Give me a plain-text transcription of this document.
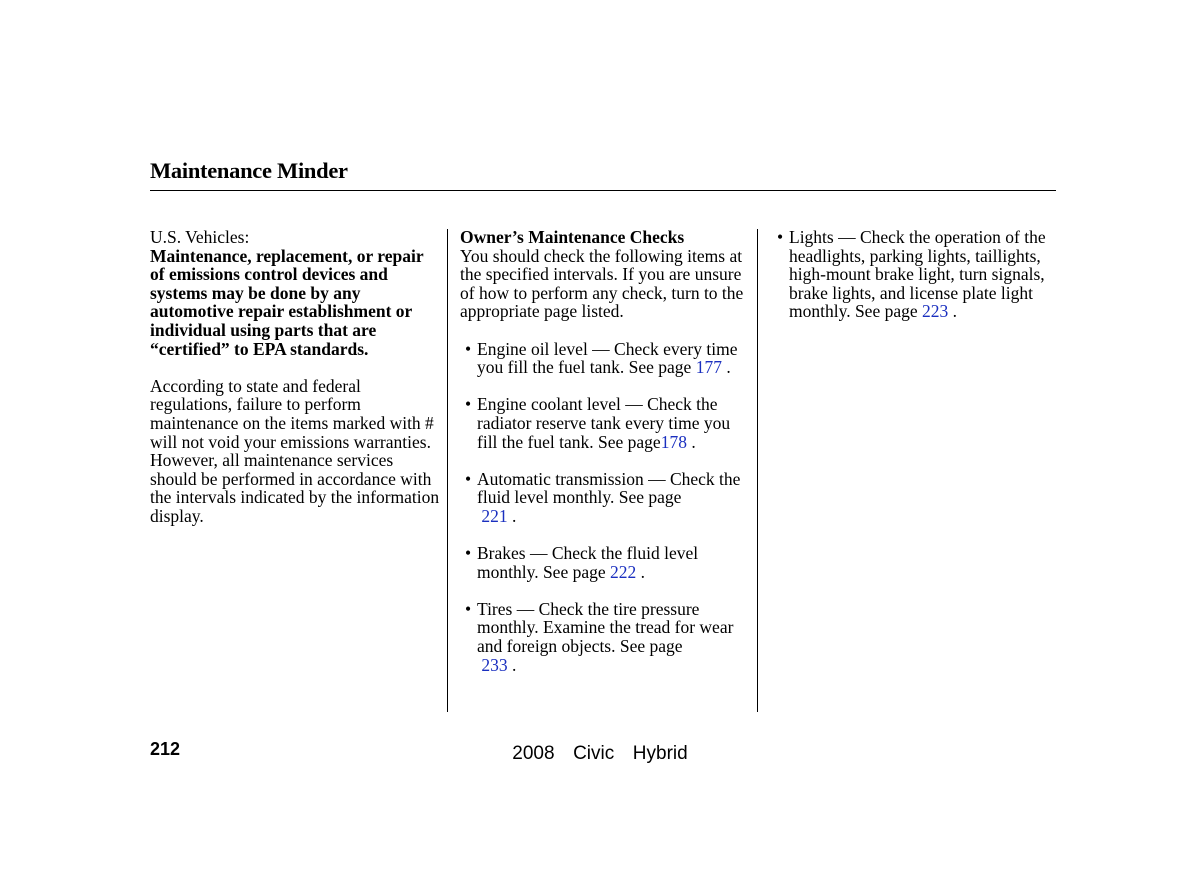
Maintenance Minder

U.S. Vehicles:

Maintenance, replacement, or repair of emissions control devices and systems may be done by any automotive repair establishment or individual using parts that are “certified” to EPA standards.

According to state and federal regulations, failure to perform maintenance on the items marked with # will not void your emissions warranties. However, all maintenance services should be performed in accordance with the intervals indicated by the information display.

Owner’s Maintenance Checks

You should check the following items at the specified intervals. If you are unsure of how to perform any check, turn to the appropriate page listed.

• Engine oil level — Check every time you fill the fuel tank. See page 177 .

• Engine coolant level — Check the radiator reserve tank every time you fill the fuel tank. See page178 .

• Automatic transmission — Check the fluid level monthly. See page
221 .

• Brakes — Check the fluid level monthly. See page 222 .

• Tires — Check the tire pressure monthly. Examine the tread for wear and foreign objects. See page
233 .

• Lights — Check the operation of the headlights, parking lights, taillights, high-mount brake light, turn signals, brake lights, and license plate light monthly. See page 223 .

212	2008  Civic  Hybrid
